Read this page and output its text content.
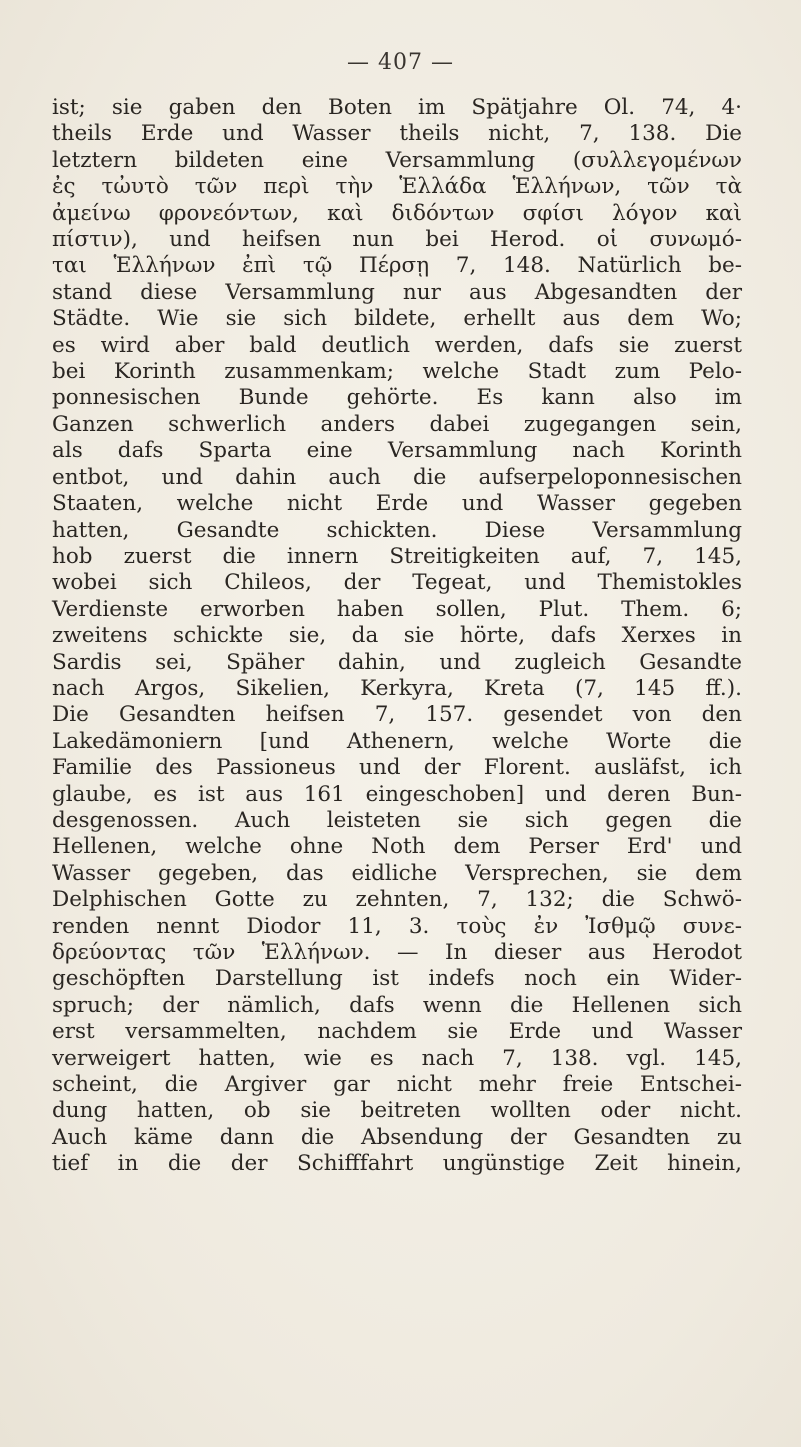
— 407 —
ist; sie gaben den Boten im Spätjahre Ol. 74, 4·
theils Erde und Wasser theils nicht, 7, 138. Die
letztern bildeten eine Versammlung (συλλεγομένων
ἐς τὠυτὸ τῶν περὶ τὴν Ἑλλάδα Ἑλλήνων, τῶν τὰ
ἀμείνω φρονεόντων, καὶ διδόντων σφίσι λόγον καὶ
πίστιν), und heifsen nun bei Herod. οἱ συνωμό-
ται Ἑλλήνων ἐπὶ τῷ Πέρσῃ 7, 148. Natürlich be-
stand diese Versammlung nur aus Abgesandten der
Städte. Wie sie sich bildete, erhellt aus dem Wo;
es wird aber bald deutlich werden, dafs sie zuerst
bei Korinth zusammenkam; welche Stadt zum Pelo-
ponnesischen Bunde gehörte. Es kann also im
Ganzen schwerlich anders dabei zugegangen sein,
als dafs Sparta eine Versammlung nach Korinth
entbot, und dahin auch die aufserpeloponnesischen
Staaten, welche nicht Erde und Wasser gegeben
hatten, Gesandte schickten. Diese Versammlung
hob zuerst die innern Streitigkeiten auf, 7, 145,
wobei sich Chileos, der Tegeat, und Themistokles
Verdienste erworben haben sollen, Plut. Them. 6;
zweitens schickte sie, da sie hörte, dafs Xerxes in
Sardis sei, Späher dahin, und zugleich Gesandte
nach Argos, Sikelien, Kerkyra, Kreta (7, 145 ff.).
Die Gesandten heifsen 7, 157. gesendet von den
Lakedämoniern [und Athenern, welche Worte die
Familie des Passioneus und der Florent. ausläfst, ich
glaube, es ist aus 161 eingeschoben] und deren Bun-
desgenossen. Auch leisteten sie sich gegen die
Hellenen, welche ohne Noth dem Perser Erd' und
Wasser gegeben, das eidliche Versprechen, sie dem
Delphischen Gotte zu zehnten, 7, 132; die Schwö-
renden nennt Diodor 11, 3. τοὺς ἐν Ἰσθμῷ συνε-
δρεύοντας τῶν Ἑλλήνων. — In dieser aus Herodot
geschöpften Darstellung ist indefs noch ein Wider-
spruch; der nämlich, dafs wenn die Hellenen sich
erst versammelten, nachdem sie Erde und Wasser
verweigert hatten, wie es nach 7, 138. vgl. 145,
scheint, die Argiver gar nicht mehr freie Entschei-
dung hatten, ob sie beitreten wollten oder nicht.
Auch käme dann die Absendung der Gesandten zu
tief in die der Schifffahrt ungünstige Zeit hinein,
